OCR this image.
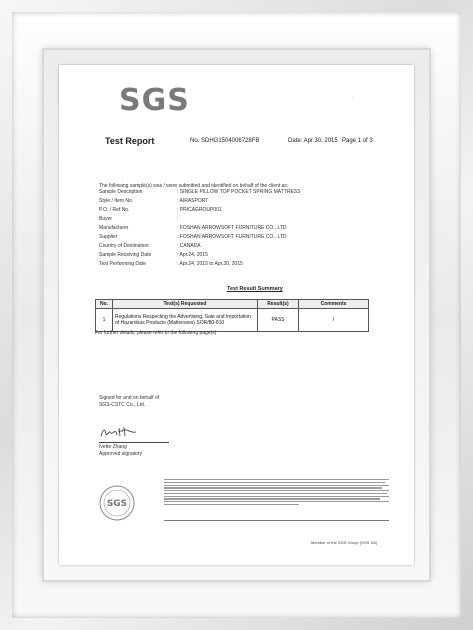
SGS	◦
Test Report	No. SDHG1504006728FB	Date: Apr.30, 2015 Page 1 of 3
The following sample(s) was / were submitted and identified on behalf of the client as:
Sample Description	: SINGLE PILLOW TOP POCKET SPRING MATTRESS
Style / Item No.	: AIRASPORT
P.O. / Ref No.	: PRICAGROUP001
Buyer	:
Manufacturer	: FOSHAN ARROWSOFT FURNITURE CO., LTD
Supplier	: FOSHAN ARROWSOFT FURNITURE CO., LTD
Country of Destination	: CANADA
Sample Receiving Date	: Apr.24, 2015
Test Performing Date	: Apr.24, 2015 to Apr.30, 2015
Test Result Summary
No.	Test(s) Requested	Result(s)	Comments
1	Regulations Respecting the Advertising, Sale and Importation of Hazardous Products (Mattresses) SOR/80-810	PASS	/
For further details, please refer to the following page(s)
Signed for and on behalf of
SGS-CSTC Co., Ltd.
Ivette Zhang
Approved signatory
SGS
Member of the SGS Group (SGS SA)
